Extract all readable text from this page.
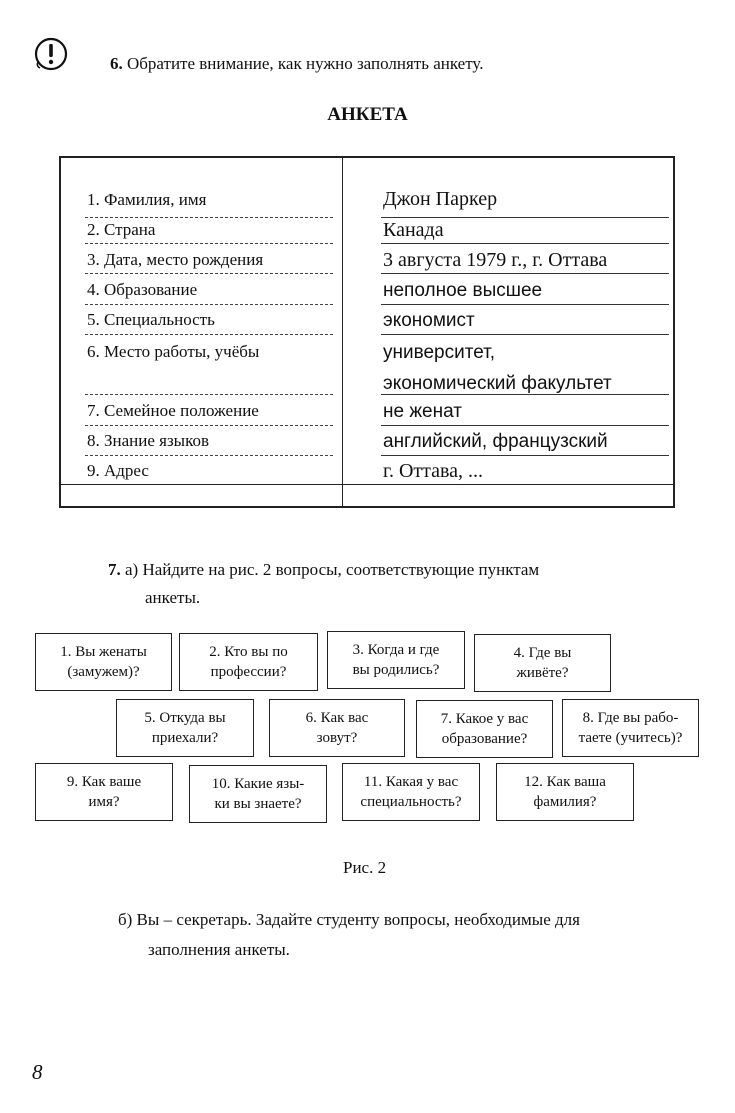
6. Обратите внимание, как нужно заполнять анкету.
АНКЕТА
1. Фамилия, имя	Джон Паркер
2. Страна	Канада
3. Дата, место рождения	3 августа 1979 г., г. Оттава
4. Образование	неполное высшее
5. Специальность	экономист
6. Место работы, учёбы	университет,
экономический факультет
7. Семейное положение	не женат
8. Знание языков	английский, французский
9. Адрес	г. Оттава, ...
7. а) Найдите на рис. 2 вопросы, соответствующие пунктам
анкеты.
1. Вы женаты
(замужем)?
2. Кто вы по
профессии?
3. Когда и где
вы родились?
4. Где вы
живёте?
5. Откуда вы
приехали?
6. Как вас
зовут?
7. Какое у вас
образование?
8. Где вы рабо-
таете (учитесь)?
9. Как ваше
имя?
10. Какие язы-
ки вы знаете?
11. Какая у вас
специальность?
12. Как ваша
фамилия?
Рис. 2
б) Вы – секретарь. Задайте студенту вопросы, необходимые для
заполнения анкеты.
8
